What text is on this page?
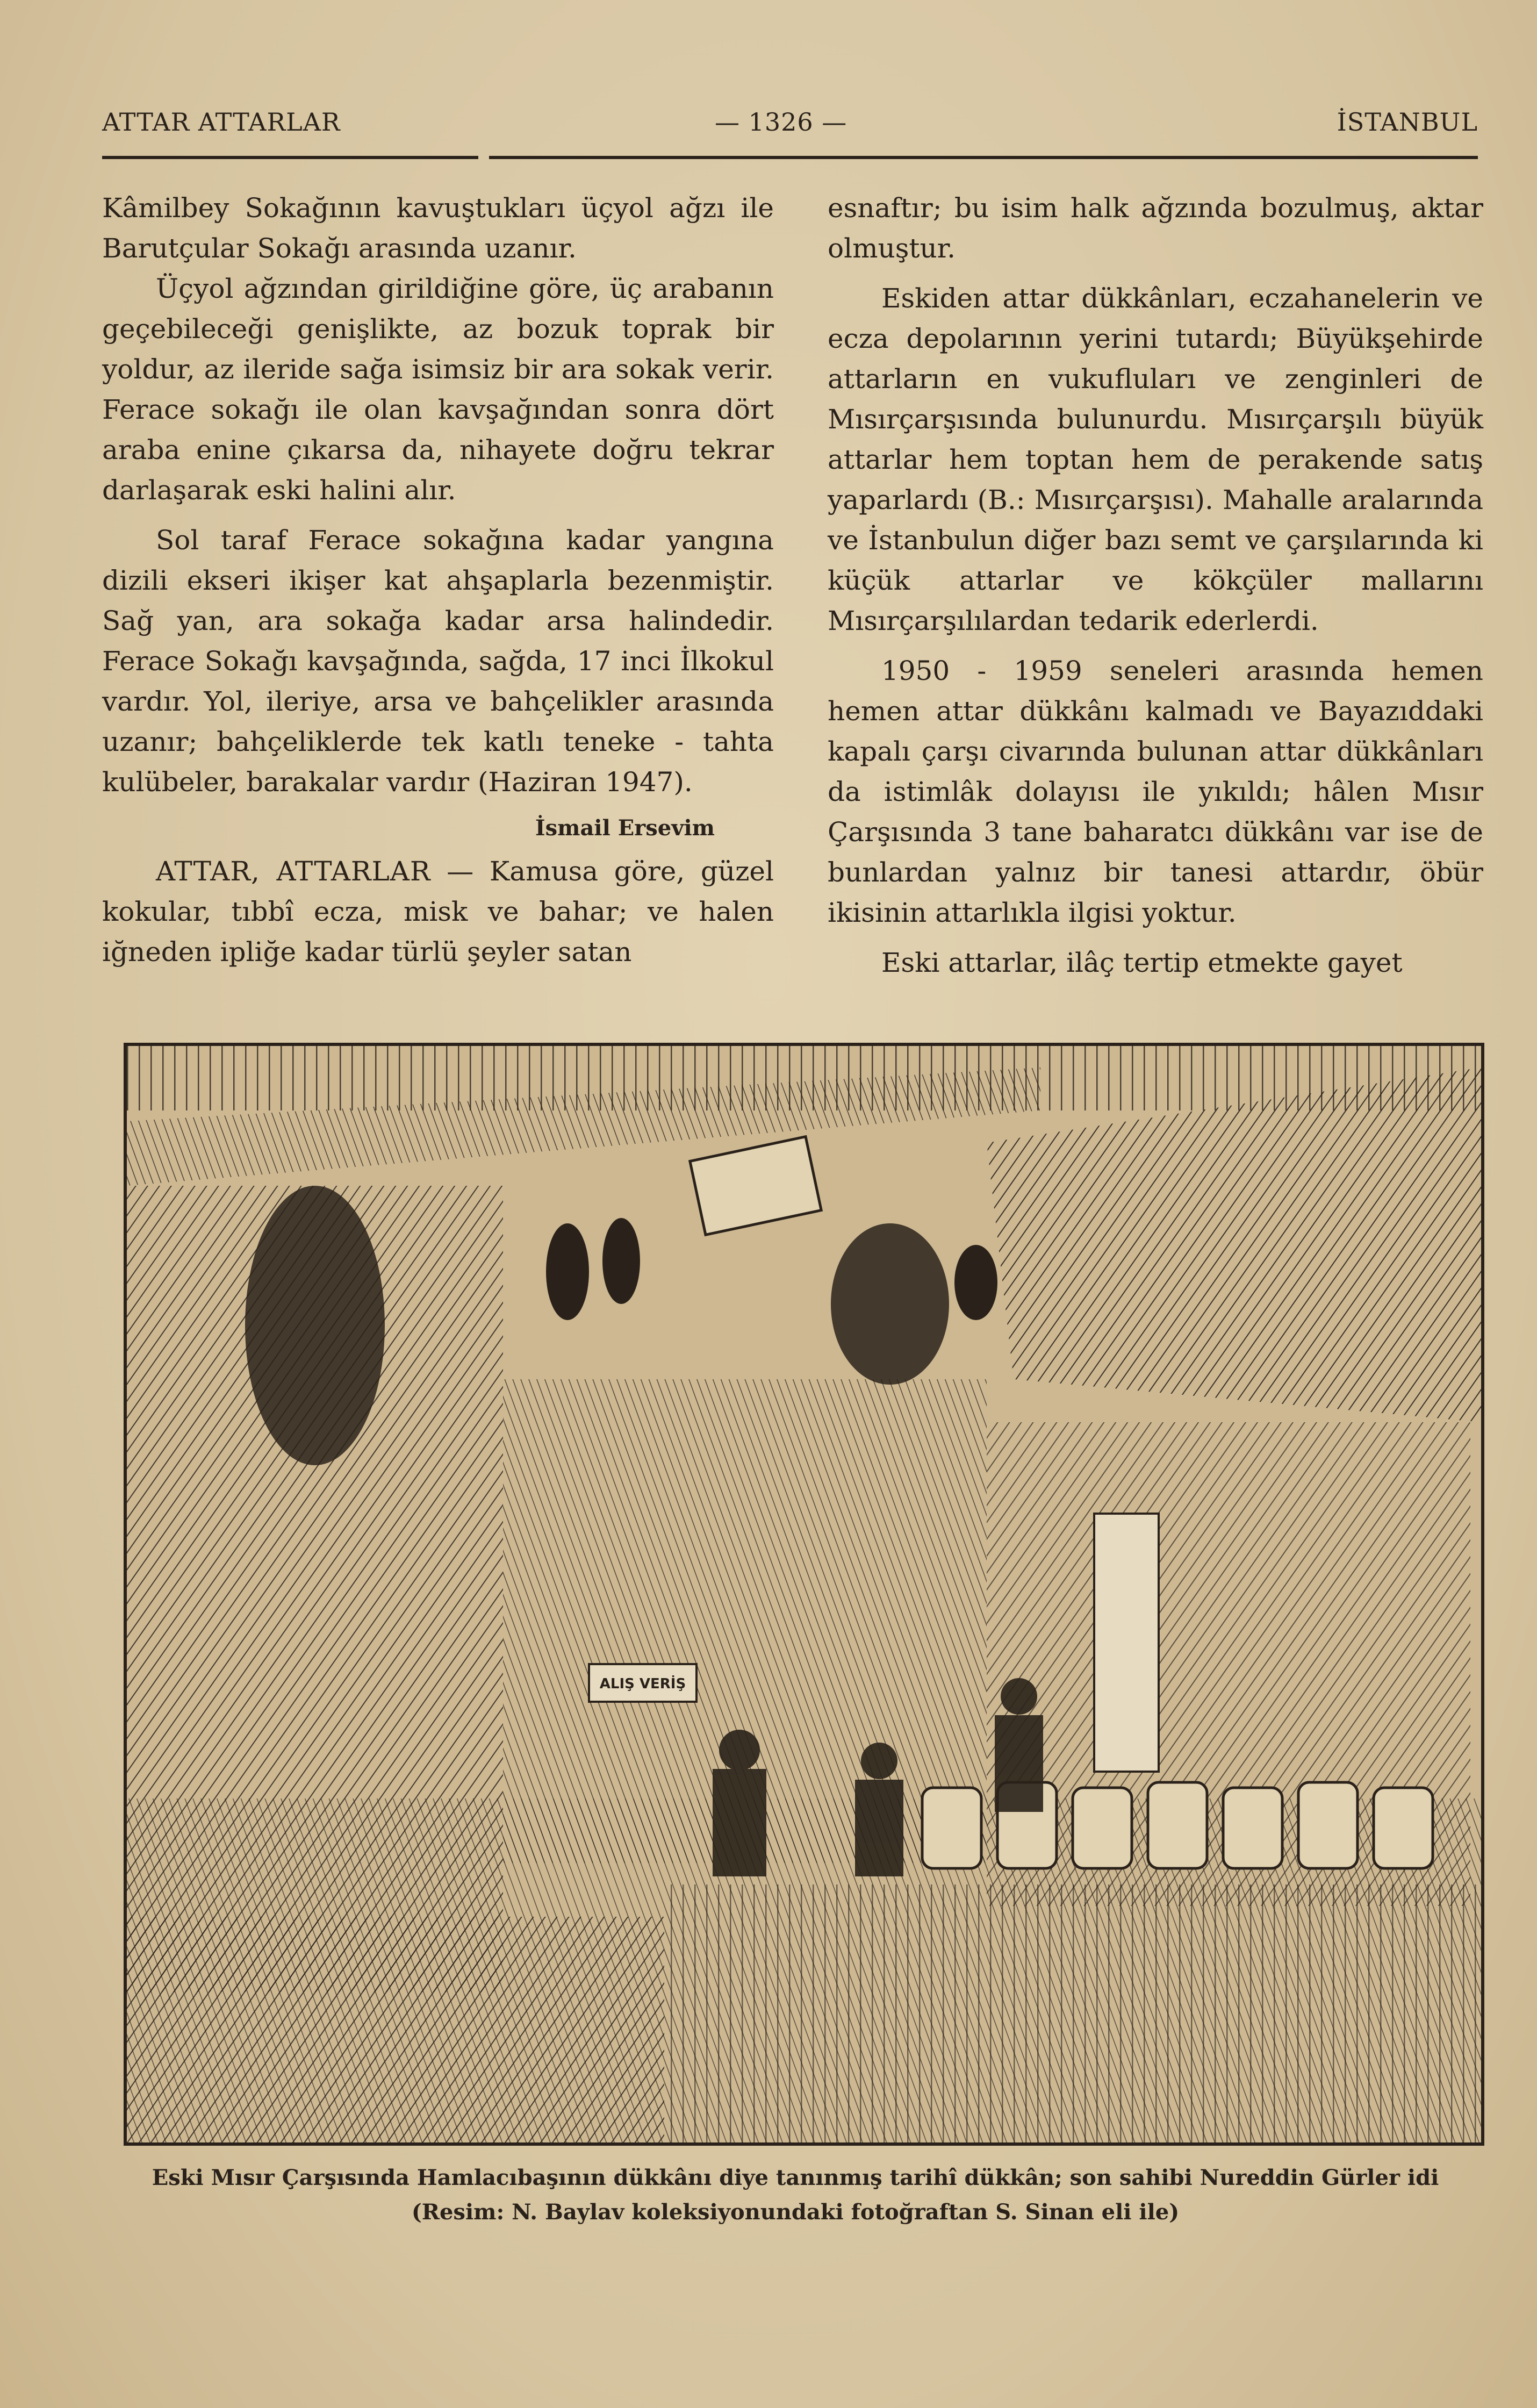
ATTAR ATTARLAR	— 1326 —	İSTANBUL

Kâmilbey Sokağının kavuştukları üçyol ağzı ile Barutçular Sokağı arasında uzanır.

Üçyol ağzından girildiğine göre, üç arabanın geçebileceği genişlikte, az bozuk toprak bir yoldur, az ileride sağa isimsiz bir ara sokak verir. Ferace sokağı ile olan kavşağından sonra dört araba enine çıkarsa da, nihayete doğru tekrar darlaşarak eski halini alır.

Sol taraf Ferace sokağına kadar yangına dizili ekseri ikişer kat ahşaplarla bezenmiştir. Sağ yan, ara sokağa kadar arsa halindedir. Ferace Sokağı kavşağında, sağda, 17 inci İlkokul vardır. Yol, ileriye, arsa ve bahçelikler arasında uzanır; bahçeliklerde tek katlı teneke - tahta kulübeler, barakalar vardır (Haziran 1947).

İsmail Ersevim

ATTAR, ATTARLAR — Kamusa göre, güzel kokular, tıbbî ecza, misk ve bahar; ve halen iğneden ipliğe kadar türlü şeyler satan

esnaftır; bu isim halk ağzında bozulmuş, aktar olmuştur.

Eskiden attar dükkânları, eczahanelerin ve ecza depolarının yerini tutardı; Büyükşehirde attarların en vukufluları ve zenginleri de Mısırçarşısında bulunurdu. Mısırçarşılı büyük attarlar hem toptan hem de perakende satış yaparlardı (B.: Mısırçarşısı). Mahalle aralarında ve İstanbulun diğer bazı semt ve çarşılarında ki küçük attarlar ve kökçüler mallarını Mısırçarşılılardan tedarik ederlerdi.

1950 - 1959 seneleri arasında hemen hemen attar dükkânı kalmadı ve Bayazıddaki kapalı çarşı civarında bulunan attar dükkânları da istimlâk dolayısı ile yıkıldı; hâlen Mısır Çarşısında 3 tane baharatcı dükkânı var ise de bunlardan yalnız bir tanesi attardır, öbür ikisinin attarlıkla ilgisi yoktur.

Eski attarlar, ilâç tertip etmekte gayet

ALIŞ VERİŞ
Eski Mısır Çarşısında Hamlacıbaşının dükkânı diye tanınmış tarihî dükkân; son sahibi Nureddin Gürler idi
(Resim: N. Baylav koleksiyonundaki fotoğraftan S. Sinan eli ile)
